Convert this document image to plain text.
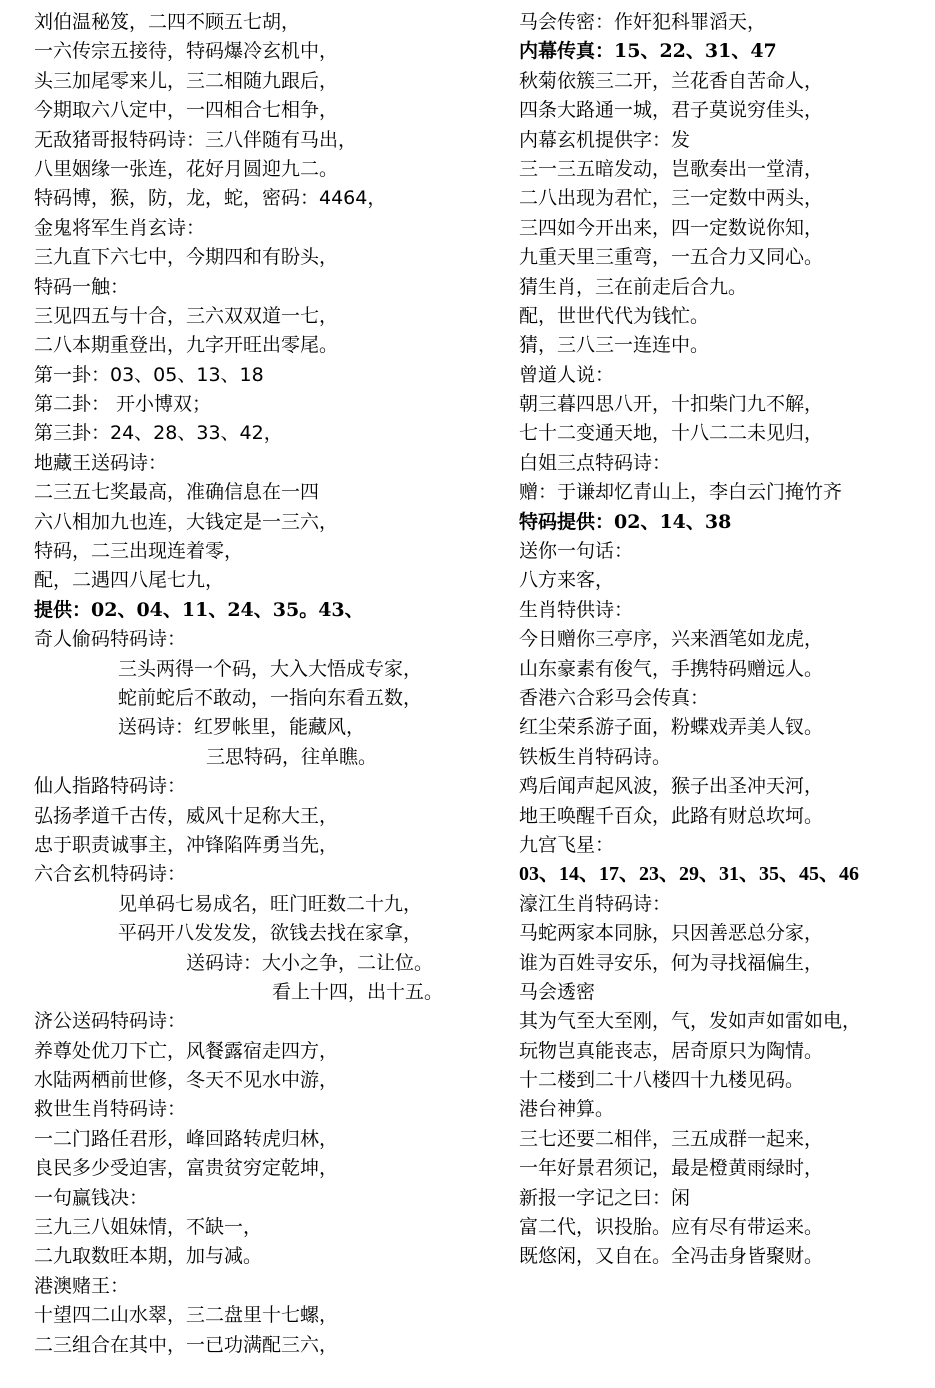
刘伯温秘笈，二四不顾五七胡，
一六传宗五接待，特码爆冷玄机中，
头三加尾零来儿，三二相随九跟后，
今期取六八定中，一四相合七相争，
无敌猪哥报特码诗：三八伴随有马出，
八里姻缘一张连，花好月圆迎九二。
特码博，猴，防，龙，蛇，密码：4464，
金鬼将军生肖玄诗：
三九直下六七中，今期四和有盼头，
特码一触：
三见四五与十合，三六双双道一七，
二八本期重登出，九字开旺出零尾。
第一卦：03、05、13、18
第二卦： 开小博双；
第三卦：24、28、33、42，
地藏王送码诗：
二三五七奖最高，准确信息在一四
六八相加九也连，大钱定是一三六，
特码，二三出现连着零，
配，二遇四八尾七九，
提供：02、04、11、24、35。43、
奇人偷码特码诗：
三头两得一个码，大入大悟成专家，
蛇前蛇后不敢动，一指向东看五数，
送码诗：红罗帐里，能藏风，
三思特码，往单瞧。
仙人指路特码诗：
弘扬孝道千古传，威风十足称大王，
忠于职责诚事主，冲锋陷阵勇当先，
六合玄机特码诗：
见单码七易成名，旺门旺数二十九，
平码开八发发发，欲钱去找在家拿，
送码诗：大小之争，二让位。
看上十四，出十五。
济公送码特码诗：
养尊处优刀下亡，风餐露宿走四方，
水陆两栖前世修，冬天不见水中游，
救世生肖特码诗：
一二门路任君形，峰回路转虎归林，
良民多少受迫害，富贵贫穷定乾坤，
一句赢钱决：
三九三八姐妹情，不缺一，
二九取数旺本期，加与减。
港澳赌王：
十望四二山水翠，三二盘里十七螺，
二三组合在其中，一已功满配三六，
马会传密：作奸犯科罪滔天，
内幕传真：15、22、31、47
秋菊依簇三二开，兰花香自苦命人，
四条大路通一城，君子莫说穷佳头，
内幕玄机提供字：发
三一三五暗发动，岂歌奏出一堂清，
二八出现为君忙，三一定数中两头，
三四如今开出来，四一定数说你知，
九重天里三重弯，一五合力又同心。
猜生肖，三在前走后合九。
配，世世代代为钱忙。
猜，三八三一连连中。
曾道人说：
朝三暮四思八开，十扣柴门九不解，
七十二变通天地，十八二二未见归，
白姐三点特码诗：
赠：于谦却忆青山上，李白云门掩竹齐
特码提供：02、14、38
送你一句话：
八方来客，
生肖特供诗：
今日赠你三亭序，兴来酒笔如龙虎，
山东豪素有俊气，手携特码赠远人。
香港六合彩马会传真：
红尘荣系游子面，粉蝶戏弄美人钗。
铁板生肖特码诗。
鸡后闻声起风波，猴子出圣冲天河，
地王唤醒千百众，此路有财总坎坷。
九宫飞星：
03、14、17、23、29、31、35、45、46
濠江生肖特码诗：
马蛇两家本同脉，只因善恶总分家，
谁为百姓寻安乐，何为寻找福偏生，
马会透密
其为气至大至刚，气，发如声如雷如电，
玩物岂真能丧志，居奇原只为陶情。
十二楼到二十八楼四十九楼见码。
港台神算。
三七还要二相伴，三五成群一起来，
一年好景君须记，最是橙黄雨绿时，
新报一字记之曰：闲
富二代，识投胎。应有尽有带运来。
既悠闲，又自在。全冯击身皆聚财。
